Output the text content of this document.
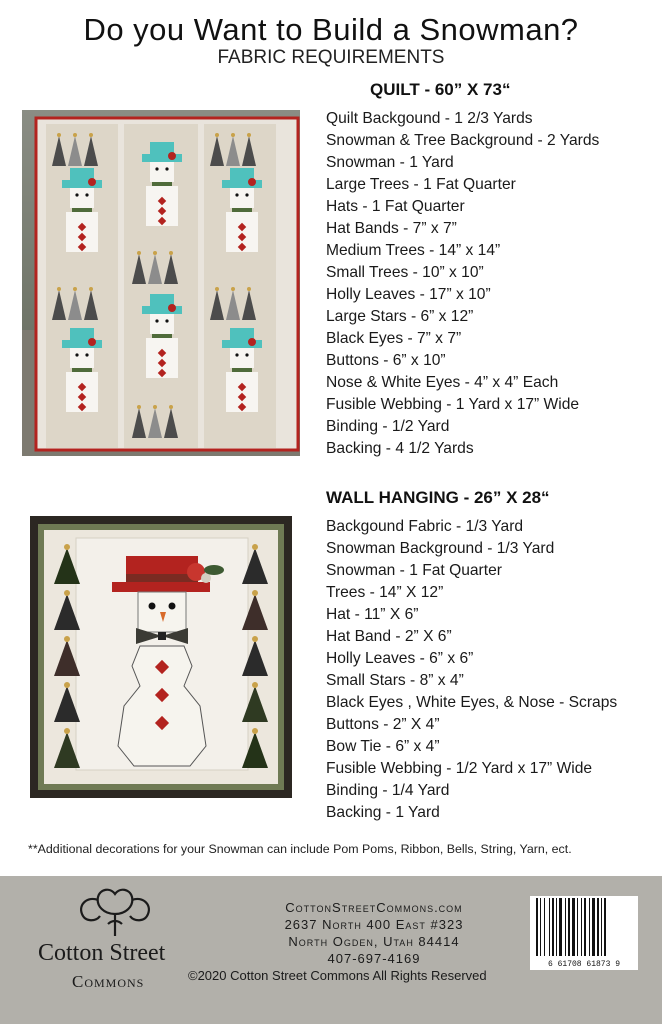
Do you Want to Build a Snowman?
FABRIC REQUIREMENTS
QUILT - 60” X 73“
Quilt Backgound - 1 2/3 Yards
Snowman & Tree Background - 2 Yards
Snowman - 1 Yard
Large Trees - 1 Fat Quarter
Hats - 1 Fat Quarter
Hat Bands - 7” x 7”
Medium Trees - 14” x 14”
Small Trees - 10” x 10”
Holly Leaves - 17” x 10”
Large Stars - 6” x 12”
Black Eyes - 7” x 7”
Buttons - 6” x 10”
Nose & White Eyes - 4” x 4” Each
Fusible Webbing - 1 Yard x 17” Wide
Binding - 1/2 Yard
Backing - 4 1/2 Yards
WALL HANGING - 26” X 28“
Backgound Fabric - 1/3 Yard
Snowman Background - 1/3 Yard
Snowman - 1 Fat Quarter
Trees - 14” X 12”
Hat - 11” X 6”
Hat Band - 2” X 6”
Holly Leaves - 6” x 6”
Small Stars - 8” x 4”
Black Eyes , White Eyes, & Nose - Scraps
Buttons - 2” X 4”
Bow Tie - 6” x 4”
Fusible Webbing - 1/2 Yard x 17” Wide
Binding - 1/4 Yard
Backing - 1 Yard
**Additional decorations for your Snowman can include Pom Poms, Ribbon, Bells, String, Yarn, ect.
Cotton Street
Commons
CottonStreetCommons.com
2637 North 400 East #323
North Ogden, Utah 84414
407-697-4169	6 61708 61873 9
©2020 Cotton Street Commons All Rights Reserved
